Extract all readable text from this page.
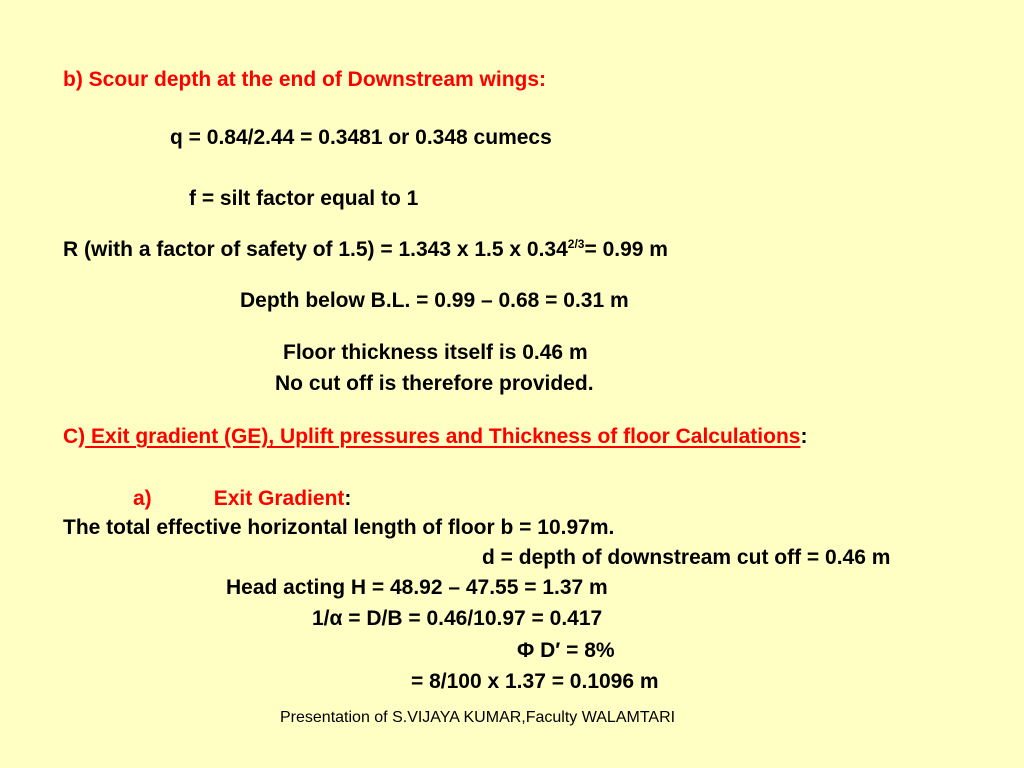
b) Scour depth at the end of Downstream wings:
q = 0.84/2.44 = 0.3481 or 0.348 cumecs
f = silt factor equal to 1
R (with a factor of safety of 1.5) = 1.343 x 1.5 x $0.34^{2/3}= 0.99$ m
Depth below B.L. = 0.99 – 0.68 = 0.31 m
Floor thickness itself is 0.46 m
No cut off is therefore provided.
C) Exit gradient (GE), Uplift pressures and Thickness of floor Calculations:
a)	Exit Gradient:
The total effective horizontal length of floor b = 10.97m.
d = depth of downstream cut off = 0.46 m
Head acting H = 48.92 – 47.55 = 1.37 m
1/α = D/B = 0.46/10.97 = 0.417
Φ D′ = 8%
= 8/100 x 1.37 = 0.1096 m
Presentation of S.VIJAYA KUMAR,Faculty WALAMTARI
